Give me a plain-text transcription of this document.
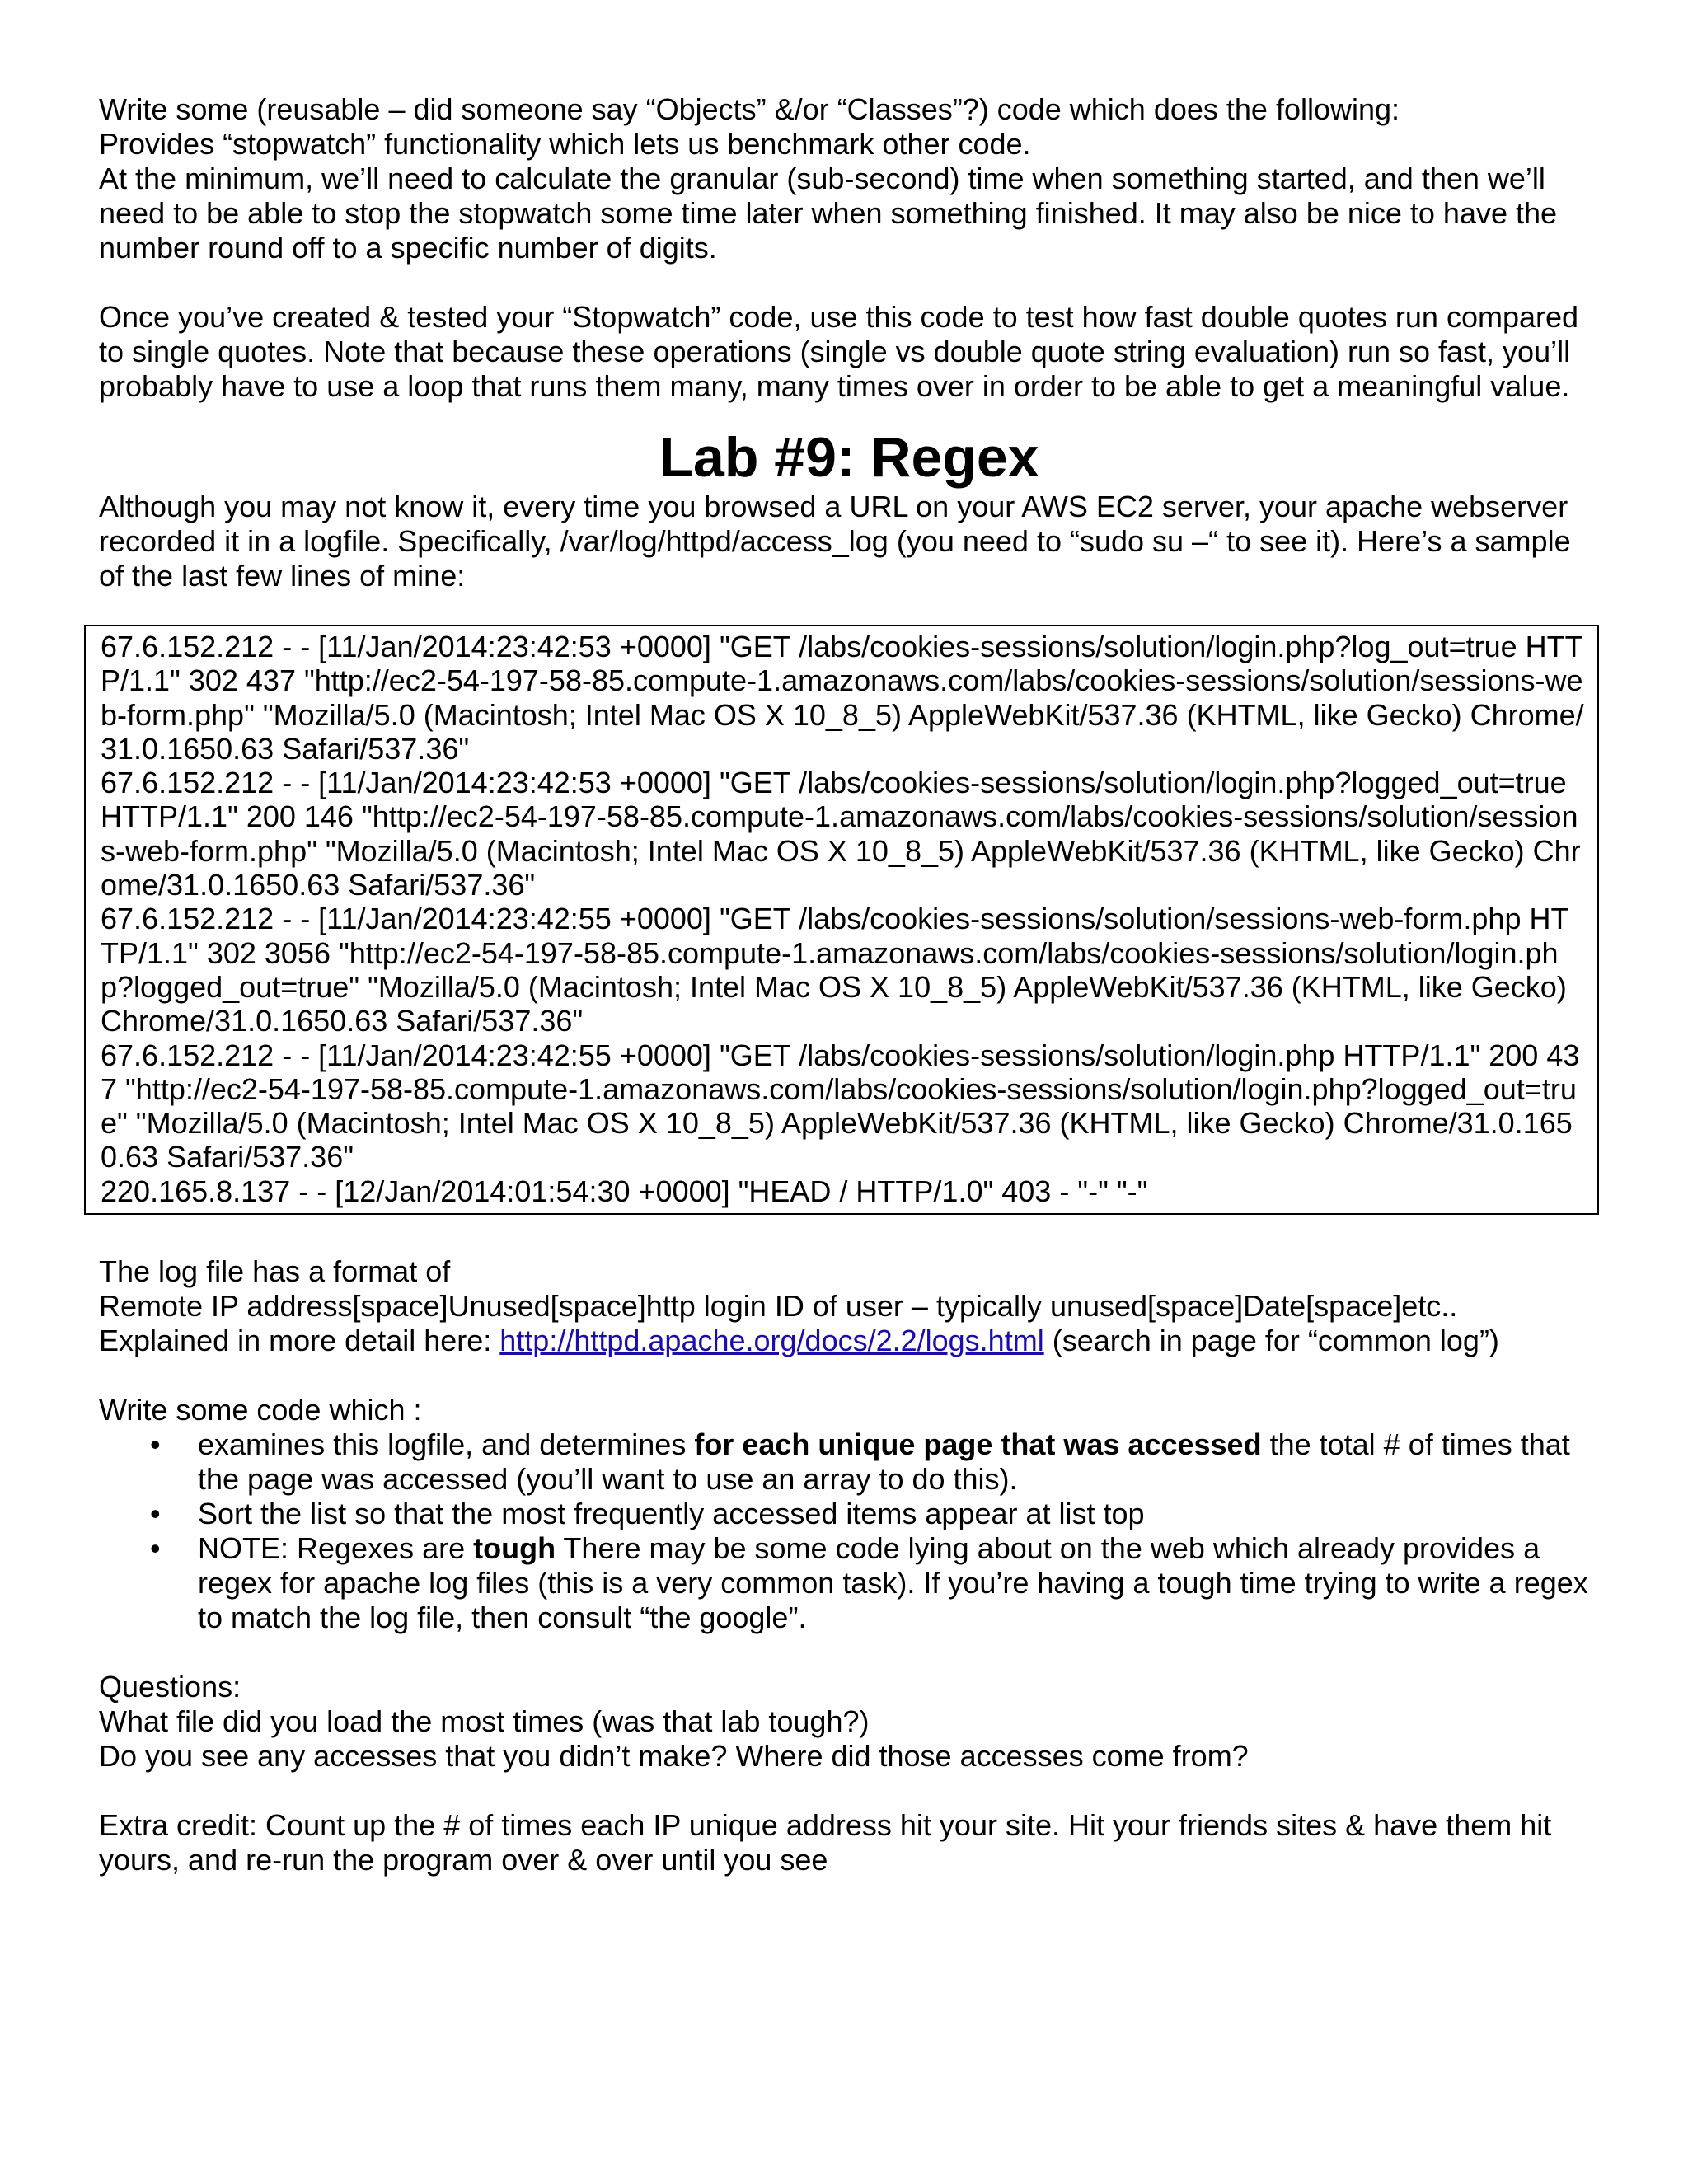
Write some (reusable – did someone say “Objects” &/or “Classes”?) code which does the following:

Provides “stopwatch” functionality which lets us benchmark other code.

At the minimum, we’ll need to calculate the granular (sub-second) time when something started, and then we’ll need to be able to stop the stopwatch some time later when something finished. It may also be nice to have the number round off to a specific number of digits.

Once you’ve created & tested your “Stopwatch” code, use this code to test how fast double quotes run compared to single quotes. Note that because these operations (single vs double quote string evaluation) run so fast, you’ll probably have to use a loop that runs them many, many times over in order to be able to get a meaningful value.

Lab #9: Regex

Although you may not know it, every time you browsed a URL on your AWS EC2 server, your apache webserver recorded it in a logfile. Specifically, /var/log/httpd/access_log (you need to “sudo su –“ to see it). Here’s a sample of the last few lines of mine:

67.6.152.212 - - [11/Jan/2014:23:42:53 +0000] "GET /labs/cookies-sessions/solution/login.php?log_out=true HTTP/1.1" 302 437 "http://ec2-54-197-58-85.compute-1.amazonaws.com/labs/cookies-sessions/solution/sessions-web-form.php" "Mozilla/5.0 (Macintosh; Intel Mac OS X 10_8_5) AppleWebKit/537.36 (KHTML, like Gecko) Chrome/31.0.1650.63 Safari/537.36"
67.6.152.212 - - [11/Jan/2014:23:42:53 +0000] "GET /labs/cookies-sessions/solution/login.php?logged_out=true HTTP/1.1" 200 146 "http://ec2-54-197-58-85.compute-1.amazonaws.com/labs/cookies-sessions/solution/sessions-web-form.php" "Mozilla/5.0 (Macintosh; Intel Mac OS X 10_8_5) AppleWebKit/537.36 (KHTML, like Gecko) Chrome/31.0.1650.63 Safari/537.36"
67.6.152.212 - - [11/Jan/2014:23:42:55 +0000] "GET /labs/cookies-sessions/solution/sessions-web-form.php HTTP/1.1" 302 3056 "http://ec2-54-197-58-85.compute-1.amazonaws.com/labs/cookies-sessions/solution/login.php?logged_out=true" "Mozilla/5.0 (Macintosh; Intel Mac OS X 10_8_5) AppleWebKit/537.36 (KHTML, like Gecko) Chrome/31.0.1650.63 Safari/537.36"
67.6.152.212 - - [11/Jan/2014:23:42:55 +0000] "GET /labs/cookies-sessions/solution/login.php HTTP/1.1" 200 437 "http://ec2-54-197-58-85.compute-1.amazonaws.com/labs/cookies-sessions/solution/login.php?logged_out=true" "Mozilla/5.0 (Macintosh; Intel Mac OS X 10_8_5) AppleWebKit/537.36 (KHTML, like Gecko) Chrome/31.0.1650.63 Safari/537.36"
220.165.8.137 - - [12/Jan/2014:01:54:30 +0000] "HEAD / HTTP/1.0" 403 - "-" "-"

The log file has a format of

Remote IP address[space]Unused[space]http login ID of user – typically unused[space]Date[space]etc..

Explained in more detail here: http://httpd.apache.org/docs/2.2/logs.html (search in page for “common log”)

Write some code which :

• examines this logfile, and determines for each unique page that was accessed the total # of times that the page was accessed (you’ll want to use an array to do this).
• Sort the list so that the most frequently accessed items appear at list top
• NOTE: Regexes are tough There may be some code lying about on the web which already provides a regex for apache log files (this is a very common task). If you’re having a tough time trying to write a regex to match the log file, then consult “the google”.

Questions:

What file did you load the most times (was that lab tough?)

Do you see any accesses that you didn’t make? Where did those accesses come from?

Extra credit: Count up the # of times each IP unique address hit your site. Hit your friends sites & have them hit yours, and re-run the program over & over until you see
